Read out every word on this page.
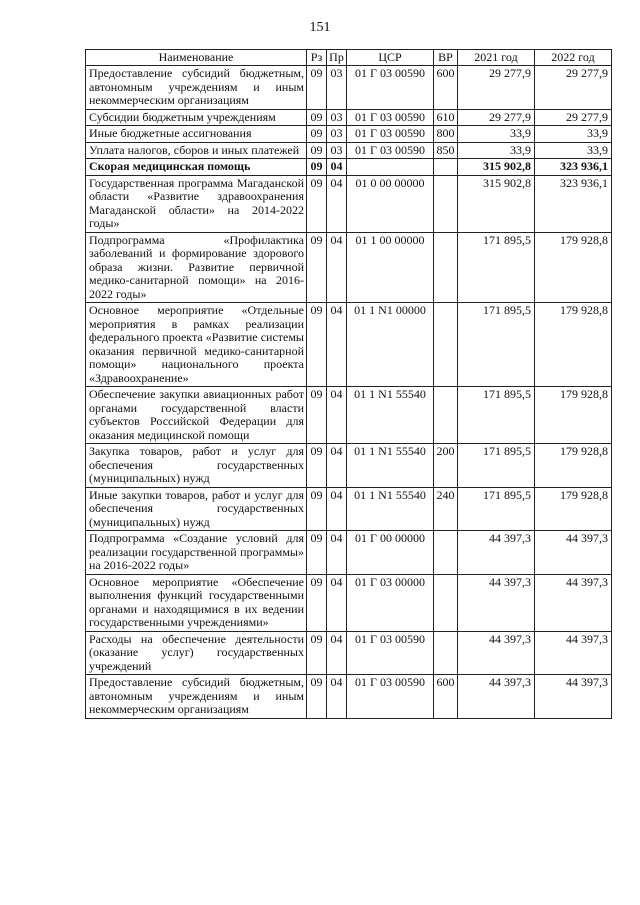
151
Наименование	Рз	Пр	ЦСР	ВР	2021 год	2022 год
Предоставление субсидий бюджетным, автономным учреждениям и иным некоммерческим организациям	09	03	01 Г 03 00590	600	29 277,9	29 277,9
Субсидии бюджетным учреждениям	09	03	01 Г 03 00590	610	29 277,9	29 277,9
Иные бюджетные ассигнования	09	03	01 Г 03 00590	800	33,9	33,9
Уплата налогов, сборов и иных платежей	09	03	01 Г 03 00590	850	33,9	33,9
Скорая медицинская помощь	09	04			315 902,8	323 936,1
Государственная программа Магаданской области «Развитие здравоохранения Магаданской области» на 2014-2022 годы»	09	04	01 0 00 00000		315 902,8	323 936,1
Подпрограмма «Профилактика заболеваний и формирование здорового образа жизни. Развитие первичной медико-санитарной помощи» на 2016-2022 годы»	09	04	01 1 00 00000		171 895,5	179 928,8
Основное мероприятие «Отдельные мероприятия в рамках реализации федерального проекта «Развитие системы оказания первичной медико-санитарной помощи» национального проекта «Здравоохранение»	09	04	01 1 N1 00000		171 895,5	179 928,8
Обеспечение закупки авиационных работ органами государственной власти субъектов Российской Федерации для оказания медицинской помощи	09	04	01 1 N1 55540		171 895,5	179 928,8
Закупка товаров, работ и услуг для обеспечения государственных (муниципальных) нужд	09	04	01 1 N1 55540	200	171 895,5	179 928,8
Иные закупки товаров, работ и услуг для обеспечения государственных (муниципальных) нужд	09	04	01 1 N1 55540	240	171 895,5	179 928,8
Подпрограмма «Создание условий для реализации государственной программы» на 2016-2022 годы»	09	04	01 Г 00 00000		44 397,3	44 397,3
Основное мероприятие «Обеспечение выполнения функций государственными органами и находящимися в их ведении государственными учреждениями»	09	04	01 Г 03 00000		44 397,3	44 397,3
Расходы на обеспечение деятельности (оказание услуг) государственных учреждений	09	04	01 Г 03 00590		44 397,3	44 397,3
Предоставление субсидий бюджетным, автономным учреждениям и иным некоммерческим организациям	09	04	01 Г 03 00590	600	44 397,3	44 397,3
